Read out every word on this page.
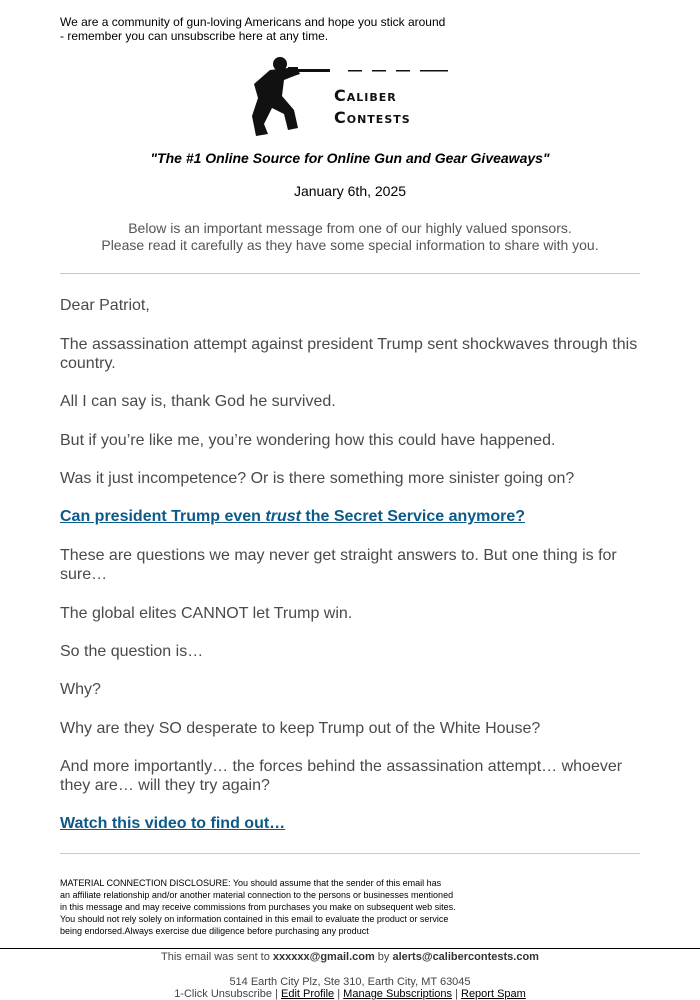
We are a community of gun-loving Americans and hope you stick around
- remember you can unsubscribe here at any time.
Caliber
Contests
"The #1 Online Source for Online Gun and Gear Giveaways"
January 6th, 2025
Below is an important message from one of our highly valued sponsors.
Please read it carefully as they have some special information to share with you.
Dear Patriot,
The assassination attempt against president Trump sent shockwaves through this country.
All I can say is, thank God he survived.
But if you’re like me, you’re wondering how this could have happened.
Was it just incompetence? Or is there something more sinister going on?
Can president Trump even trust the Secret Service anymore?
These are questions we may never get straight answers to. But one thing is for sure…
The global elites CANNOT let Trump win.
So the question is…
Why?
Why are they SO desperate to keep Trump out of the White House?
And more importantly… the forces behind the assassination attempt… whoever they are… will they try again?
Watch this video to find out…
MATERIAL CONNECTION DISCLOSURE: You should assume that the sender of this email has
an affiliate relationship and/or another material connection to the persons or businesses mentioned
in this message and may receive commissions from purchases you make on subsequent web sites.
You should not rely solely on information contained in this email to evaluate the product or service
being endorsed.Always exercise due diligence before purchasing any product
This email was sent to xxxxxx@gmail.com by alerts@calibercontests.com
514 Earth City Plz, Ste 310, Earth City, MT 63045
1-Click Unsubscribe | Edit Profile | Manage Subscriptions | Report Spam
